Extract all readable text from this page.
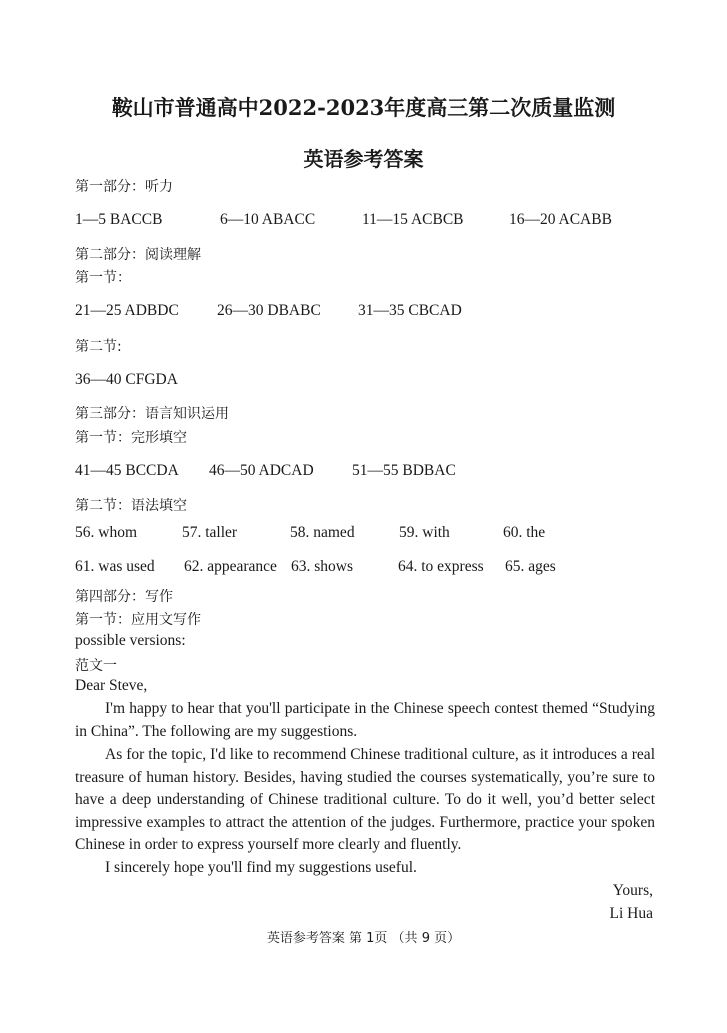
鞍山市普通高中2022-2023年度高三第二次质量监测
英语参考答案
第一部分：听力
1—5 BACCB	6—10 ABACC	11—15 ACBCB	16—20 ACABB
第二部分：阅读理解
第一节：
21—25 ADBDC 26—30 DBABC 31—35 CBCAD
第二节:
36—40 CFGDA
第三部分：语言知识运用
第一节：完形填空
41—45 BCCDA 46—50 ADCAD 51—55 BDBAC
第二节：语法填空
56. whom	57. taller	58. named	59. with	60. the
61. was used 62. appearance 63. shows	64. to express 65. ages
第四部分：写作
第一节：应用文写作
possible versions:
范文一
Dear Steve,
I'm happy to hear that you'll participate in the Chinese speech contest themed “Studying in China”. The following are my suggestions.
As for the topic, I'd like to recommend Chinese traditional culture, as it introduces a real treasure of human history. Besides, having studied the courses systematically, you’re sure to have a deep understanding of Chinese traditional culture. To do it well, you’d better select impressive examples to attract the attention of the judges. Furthermore, practice your spoken Chinese in order to express yourself more clearly and fluently.
I sincerely hope you'll find my suggestions useful.
Yours,
Li Hua
英语参考答案 第 1页 （共 9 页）
